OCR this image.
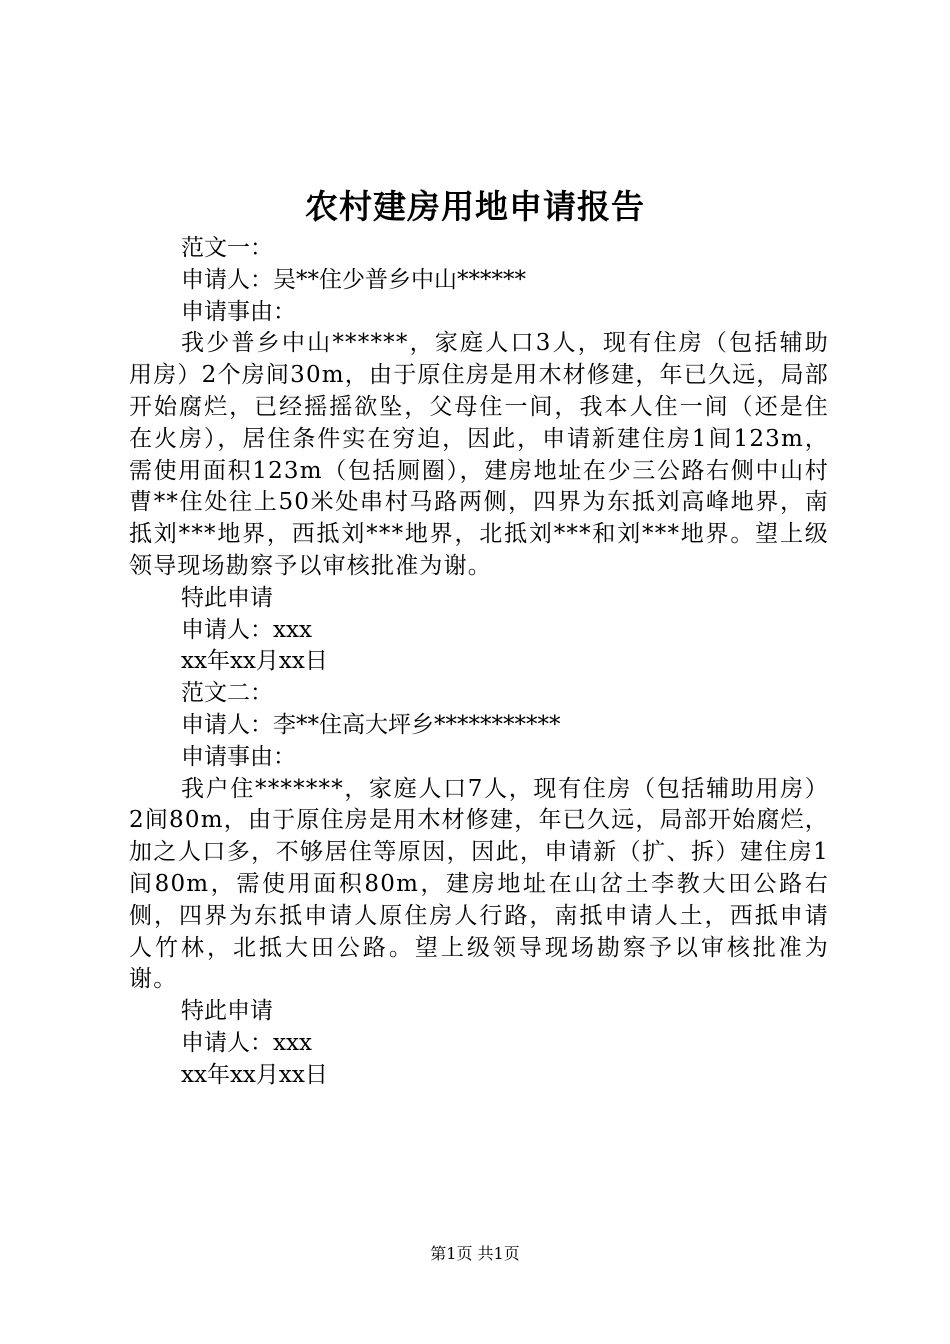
农村建房用地申请报告

范文一：

申请人：吴**住少普乡中山******

申请事由：

我少普乡中山******，家庭人口3人，现有住房（包括辅助用房）2个房间30m，由于原住房是用木材修建，年已久远，局部开始腐烂，已经摇摇欲坠，父母住一间，我本人住一间（还是住在火房），居住条件实在穷迫，因此，申请新建住房1间123m，需使用面积123m（包括厕圈），建房地址在少三公路右侧中山村曹**住处往上50米处串村马路两侧，四界为东抵刘高峰地界，南抵刘***地界，西抵刘***地界，北抵刘***和刘***地界。望上级领导现场勘察予以审核批准为谢。

特此申请

申请人：xxx

xx年xx月xx日

范文二：

申请人：李**住高大坪乡***********

申请事由：

我户住*******，家庭人口7人，现有住房（包括辅助用房）2间80m，由于原住房是用木材修建，年已久远，局部开始腐烂，加之人口多，不够居住等原因，因此，申请新（扩、拆）建住房1间80m，需使用面积80m，建房地址在山岔土李教大田公路右侧，四界为东抵申请人原住房人行路，南抵申请人土，西抵申请人竹林，北抵大田公路。望上级领导现场勘察予以审核批准为谢。

特此申请

申请人：xxx

xx年xx月xx日

第1页 共1页
